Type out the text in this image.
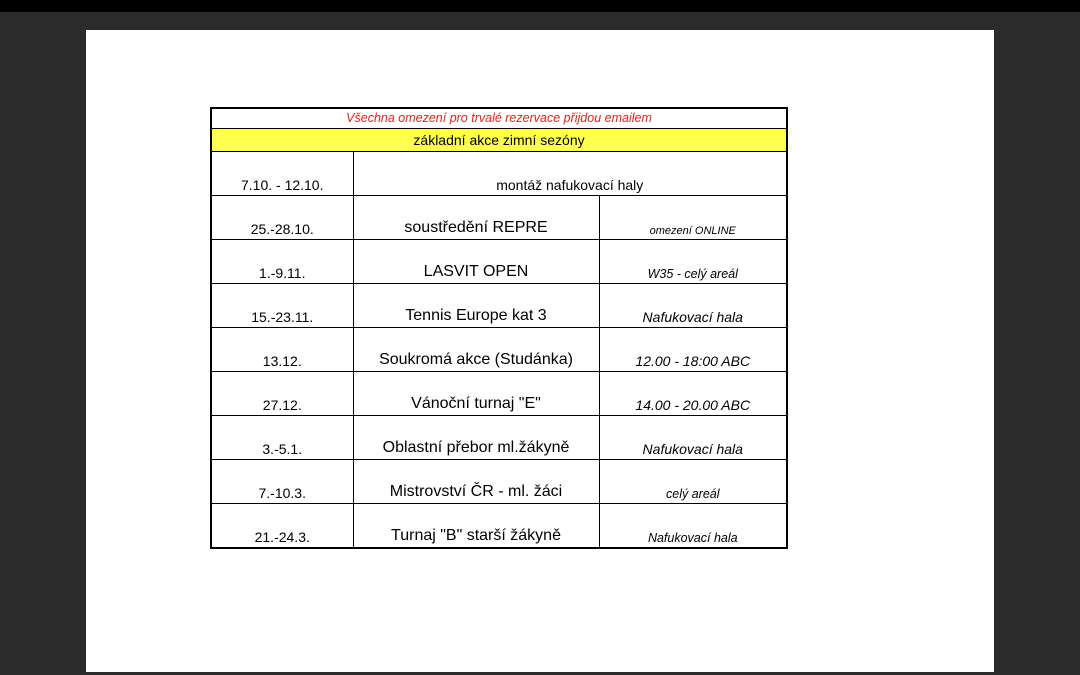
Všechna omezení pro trvalé rezervace přijdou emailem		
základní akce zimní sezóny		
7.10. - 12.10.	montáž nafukovací haly	
25.-28.10.	soustředění REPRE	omezení ONLINE
1.-9.11.	LASVIT OPEN	W35 - celý areál
15.-23.11.	Tennis Europe kat 3	Nafukovací hala
13.12.	Soukromá akce (Studánka)	12.00 - 18:00 ABC
27.12.	Vánoční turnaj "E"	14.00 - 20.00 ABC
3.-5.1.	Oblastní přebor ml.žákyně	Nafukovací hala
7.-10.3.	Mistrovství ČR - ml. žáci	celý areál
21.-24.3.	Turnaj "B" starší žákyně	Nafukovací hala
